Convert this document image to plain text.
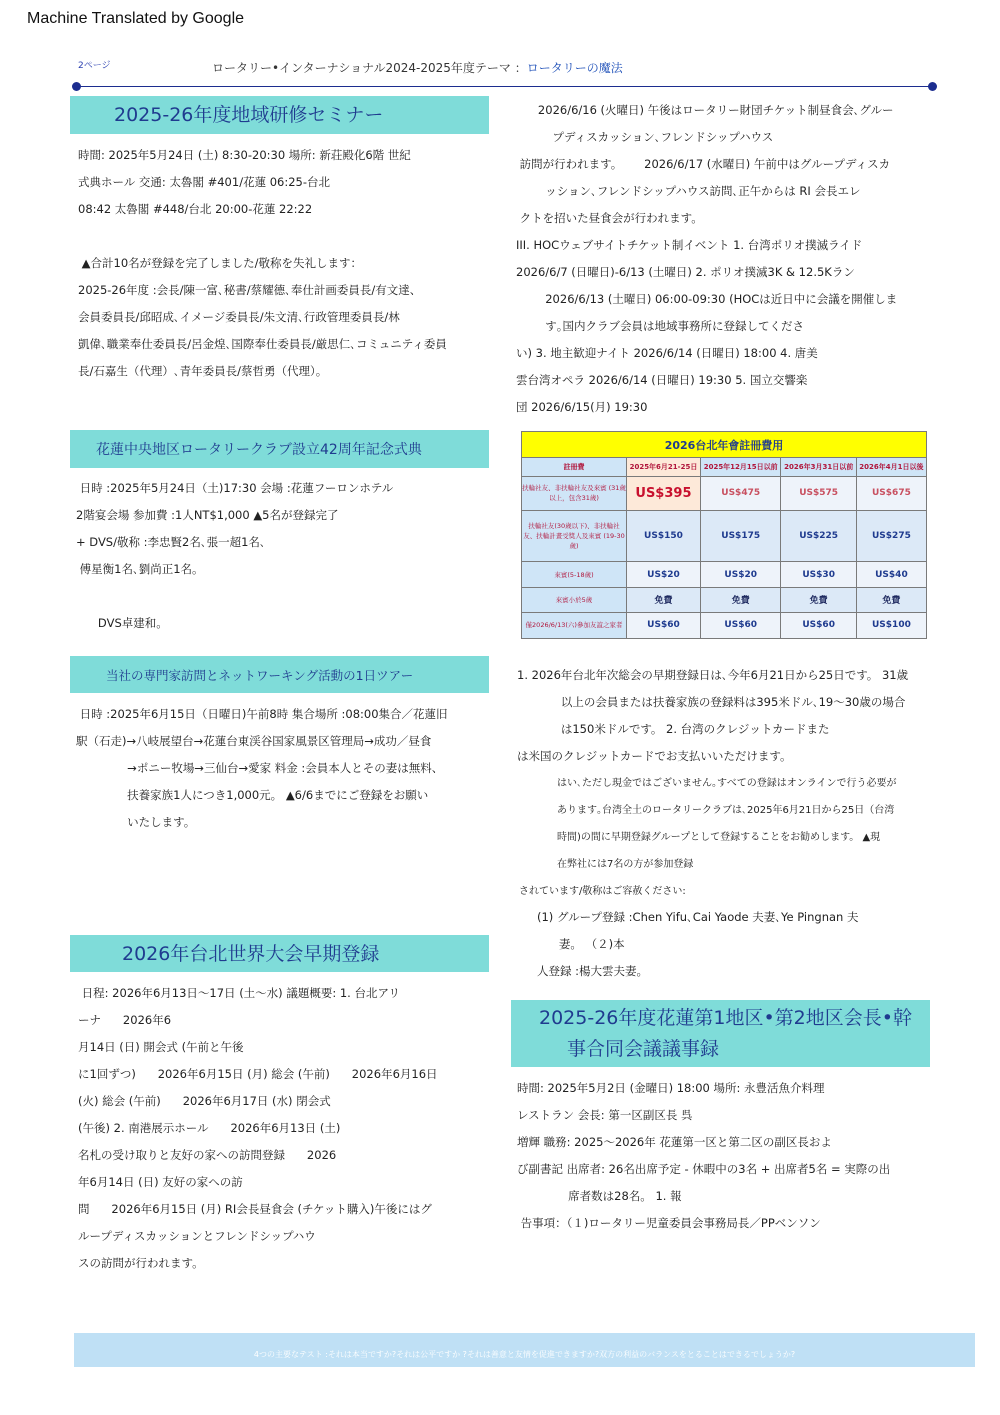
Machine Translated by Google
2ページ	ロータリー•インターナショナル2024-2025年度テーマ ：ロータリーの魔法
2025-26年度地域研修セミナー
時間: 2025年5月24日 (土) 8:30-20:30 場所: 新荘殿化6階 世紀
式典ホール 交通: 太魯閣 #401/花蓮 06:25-台北
08:42 太魯閣 #448/台北 20:00-花蓮 22:22

▲合計10名が登録を完了しました/敬称を失礼します：
2025-26年度 :会長/陳一富､秘書/蔡耀德､奉仕計画委員長/有文達、
会員委員長/邱昭成､イメージ委員長/朱文清､行政管理委員長/林
凱偉､職業奉仕委員長/呂金煌､国際奉仕委員長/厳思仁､コミュニティ委員
長/石嘉生（代理）､青年委員長/蔡哲勇（代理）。
花蓮中央地区ロータリークラブ設立42周年記念式典
日時 :2025年5月24日（土)17:30 会場 :花蓮フーロンホテル
2階宴会場 参加費 :1人NT$1,000 ▲5名が登録完了
+ DVS/敬称 :李忠賢2名､張一超1名､
傅星衡1名､劉尚正1名。

DVS卓建和。
当社の専門家訪問とネットワーキング活動の1日ツアー
日時 :2025年6月15日（日曜日)午前8時 集合場所 :08:00集合／花蓮旧
駅（石走)→八岐展望台→花蓮台東渓谷国家風景区管理局→成功／昼食
→ポニー牧場→三仙台→愛家 料金 :会員本人とその妻は無料、
扶養家族1人につき1,000元。 ▲6/6までにご登録をお願い
いたします。
2026年台北世界大会早期登録
日程: 2026年6月13日～17日 (土～水) 議題概要: 1. 台北アリ
ーナ      2026年6
月14日 (日) 開会式 (午前と午後
に1回ずつ)      2026年6月15日 (月) 総会 (午前)      2026年6月16日
(火) 総会 (午前)      2026年6月17日 (水) 閉会式
(午後) 2. 南港展示ホール      2026年6月13日 (土)
名札の受け取りと友好の家への訪問登録      2026
年6月14日 (日) 友好の家への訪
問      2026年6月15日 (月) RI会長昼食会 (チケット購入)午後にはグ
ループディスカッションとフレンドシップハウ
スの訪問が行われます。
2026/6/16 (火曜日) 午後はロータリー財団チケット制昼食会､グルー
プディスカッション､フレンドシップハウス
訪問が行われます。      2026/6/17 (水曜日) 午前中はグループディスカ
ッション､フレンドシップハウス訪問､正午からは RI 会長エレ
クトを招いた昼食会が行われます。
III. HOCウェブサイトチケット制イベント 1. 台湾ポリオ撲滅ライド
2026/6/7 (日曜日)-6/13 (土曜日) 2. ポリオ撲滅3K & 12.5Kラン
2026/6/13 (土曜日) 06:00-09:30 (HOCは近日中に会議を開催しま
す｡国内クラブ会員は地域事務所に登録してくださ
い) 3. 地主歓迎ナイト 2026/6/14 (日曜日) 18:00 4. 唐美
雲台湾オペラ 2026/6/14 (日曜日) 19:30 5. 国立交響楽
団 2026/6/15(月) 19:30
2026台北年會註冊費用				
註冊費	2025年6月21-25日	2025年12月15日以前	2026年3月31日以前	2026年4月1日以後
扶輪社友、非扶輪社友及來賓 (31歲以上，包含31歲)	US$395	US$475	US$575	US$675
扶輪社友(30歲以下)、非扶輪社友、扶輪計畫受獎人及來賓 (19-30歲)	US$150	US$175	US$225	US$275
來賓(5-18歲)	US$20	US$20	US$30	US$40
來賓小於5歲	免費	免費	免費	免費
僅2026/6/13(六)參加友誼之家者	US$60	US$60	US$60	US$100
1. 2026年台北年次総会の早期登録日は､今年6月21日から25日です。 31歳
以上の会員または扶養家族の登録料は395米ドル､19～30歳の場合
は150米ドルです。 2. 台湾のクレジットカードまた
は米国のクレジットカードでお支払いいただけます。
はい､ただし現金ではございません｡すべての登録はオンラインで行う必要が
あります｡台湾全土のロータリークラブは､2025年6月21日から25日（台湾
時間)の間に早期登録グループとして登録することをお勧めします。 ▲現
在弊社には7名の方が参加登録
されています/敬称はご容赦ください:
(1) グループ登録 :Chen Yifu､Cai Yaode 夫妻､Ye Pingnan 夫
妻。 （２)本
人登録 :楊大雲夫妻。
2025-26年度花蓮第1地区•第2地区会長•幹
事合同会議議事録
時間: 2025年5月2日 (金曜日) 18:00 場所: 永豊活魚介料理
レストラン 会長: 第一区副区長 呉
増輝 職務: 2025～2026年 花蓮第一区と第二区の副区長およ
び副書記 出席者: 26名出席予定 - 休暇中の3名 + 出席者5名 = 実際の出
席者数は28名。 1. 報
告事項：（１)ロータリー児童委員会事務局長／PPベンソン
4つの主要なテスト :それは本当ですか?それは公平ですか ?それは善意と友情を促進できますか?双方の利益のバランスをとることはできるでしょうか?
